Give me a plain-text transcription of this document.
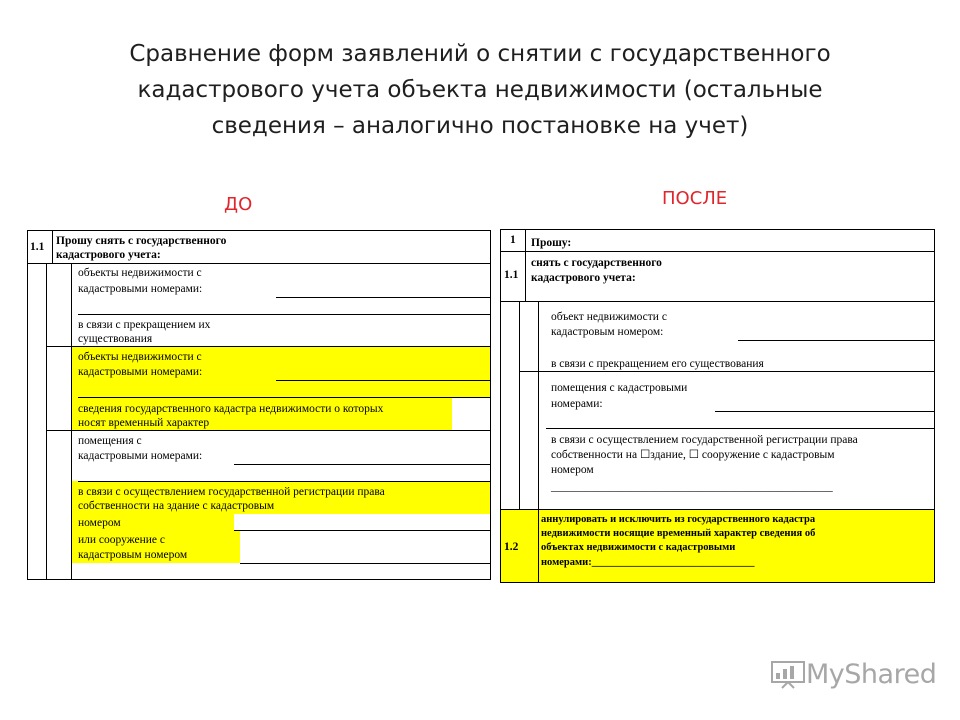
Сравнение форм заявлений о снятии с государственного
кадастрового учета объекта недвижимости (остальные
сведения – аналогично постановке на учет)
ДО	ПОСЛЕ
1.1 Прошу снять с государственного
кадастрового учета:
объекты недвижимости с
кадастровыми номерами:
в связи с прекращением их
существования
объекты недвижимости с
кадастровыми номерами:
сведения государственного кадастра недвижимости о которых
носят временный характер
помещения с
кадастровыми номерами:
в связи с осуществлением государственной регистрации права
собственности на здание с кадастровым
номером
или сооружение с
кадастровым номером
1 Прошу:
1.1
снять с государственного
кадастрового учета:
объект недвижимости с
кадастровым номером:
в связи с прекращением его существования
помещения с кадастровыми
номерами:
в связи с осуществлением государственной регистрации права
собственности на ☐здание, ☐ сооружение с кадастровым
номером
_________________________________________________
1.2
аннулировать и исключить из государственного кадастра
недвижимости носящие временный характер сведения об
объектах недвижимости с кадастровыми
номерами:_______________________________
MyShared
